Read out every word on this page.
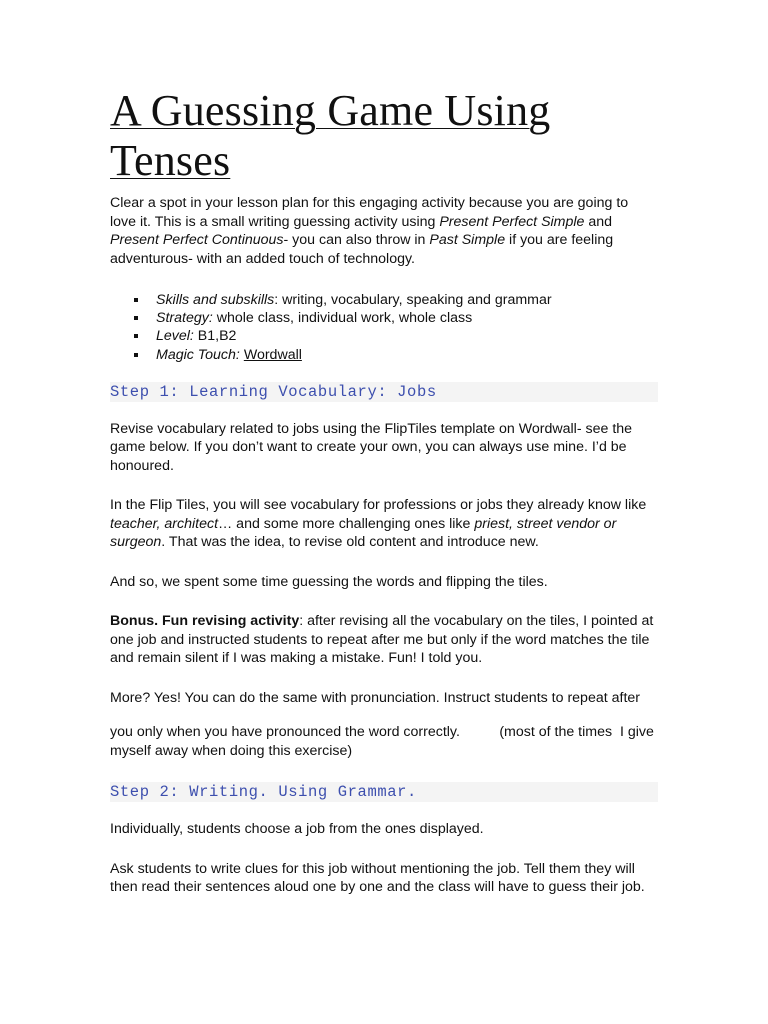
A Guessing Game Using
Tenses

Clear a spot in your lesson plan for this engaging activity because you are going to love it. This is a small writing guessing activity using Present Perfect Simple and Present Perfect Continuous- you can also throw in Past Simple if you are feeling adventurous- with an added touch of technology.

Skills and subskills: writing, vocabulary, speaking and grammar
Strategy: whole class, individual work, whole class
Level: B1,B2
Magic Touch: Wordwall
Step 1: Learning Vocabulary: Jobs

Revise vocabulary related to jobs using the FlipTiles template on Wordwall- see the game below. If you don’t want to create your own, you can always use mine. I’d be honoured.

In the Flip Tiles, you will see vocabulary for professions or jobs they already know like teacher, architect… and some more challenging ones like priest, street vendor or surgeon. That was the idea, to revise old content and introduce new.

And so, we spent some time guessing the words and flipping the tiles.

Bonus. Fun revising activity: after revising all the vocabulary on the tiles, I pointed at one job and instructed students to repeat after me but only if the word matches the tile and remain silent if I was making a mistake. Fun! I told you.

More? Yes! You can do the same with pronunciation. Instruct students to repeat after

you only when you have pronounced the word correctly.          (most of the times  I give myself away when doing this exercise)

Step 2: Writing. Using Grammar.

Individually, students choose a job from the ones displayed.

Ask students to write clues for this job without mentioning the job. Tell them they will then read their sentences aloud one by one and the class will have to guess their job.
